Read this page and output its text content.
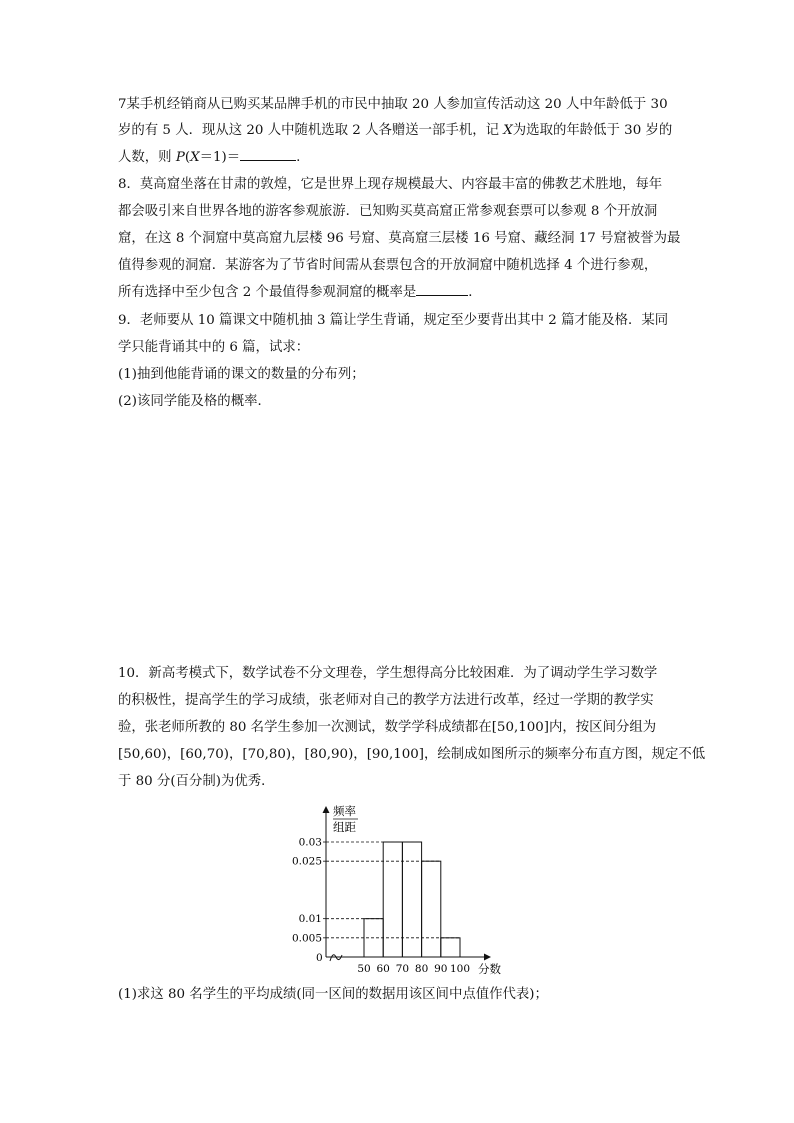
7某手机经销商从已购买某品牌手机的市民中抽取 20 人参加宣传活动这 20 人中年龄低于 30
岁的有 5 人．现从这 20 人中随机选取 2 人各赠送一部手机，记 X为选取的年龄低于 30 岁的
人数，则 P(X＝1)＝	.
8．莫高窟坐落在甘肃的敦煌，它是世界上现存规模最大、内容最丰富的佛教艺术胜地，每年
都会吸引来自世界各地的游客参观旅游．已知购买莫高窟正常参观套票可以参观 8 个开放洞
窟，在这 8 个洞窟中莫高窟九层楼 96 号窟、莫高窟三层楼 16 号窟、藏经洞 17 号窟被誉为最
值得参观的洞窟．某游客为了节省时间需从套票包含的开放洞窟中随机选择 4 个进行参观，
所有选择中至少包含 2 个最值得参观洞窟的概率是	．
9．老师要从 10 篇课文中随机抽 3 篇让学生背诵，规定至少要背出其中 2 篇才能及格．某同
学只能背诵其中的 6 篇，试求：
(1)抽到他能背诵的课文的数量的分布列；
(2)该同学能及格的概率．
10．新高考模式下，数学试卷不分文理卷，学生想得高分比较困难．为了调动学生学习数学
的积极性，提高学生的学习成绩，张老师对自己的教学方法进行改革，经过一学期的教学实
验，张老师所教的 80 名学生参加一次测试，数学学科成绩都在[50,100]内，按区间分组为
[50,60)，[60,70)，[70,80)，[80,90)，[90,100]，绘制成如图所示的频率分布直方图，规定不低
于 80 分(百分制)为优秀．
频率
组距
0
分数
0.005
0.01
0.025
0.03
50 60 70 80 90 100
(1)求这 80 名学生的平均成绩(同一区间的数据用该区间中点值作代表)；
